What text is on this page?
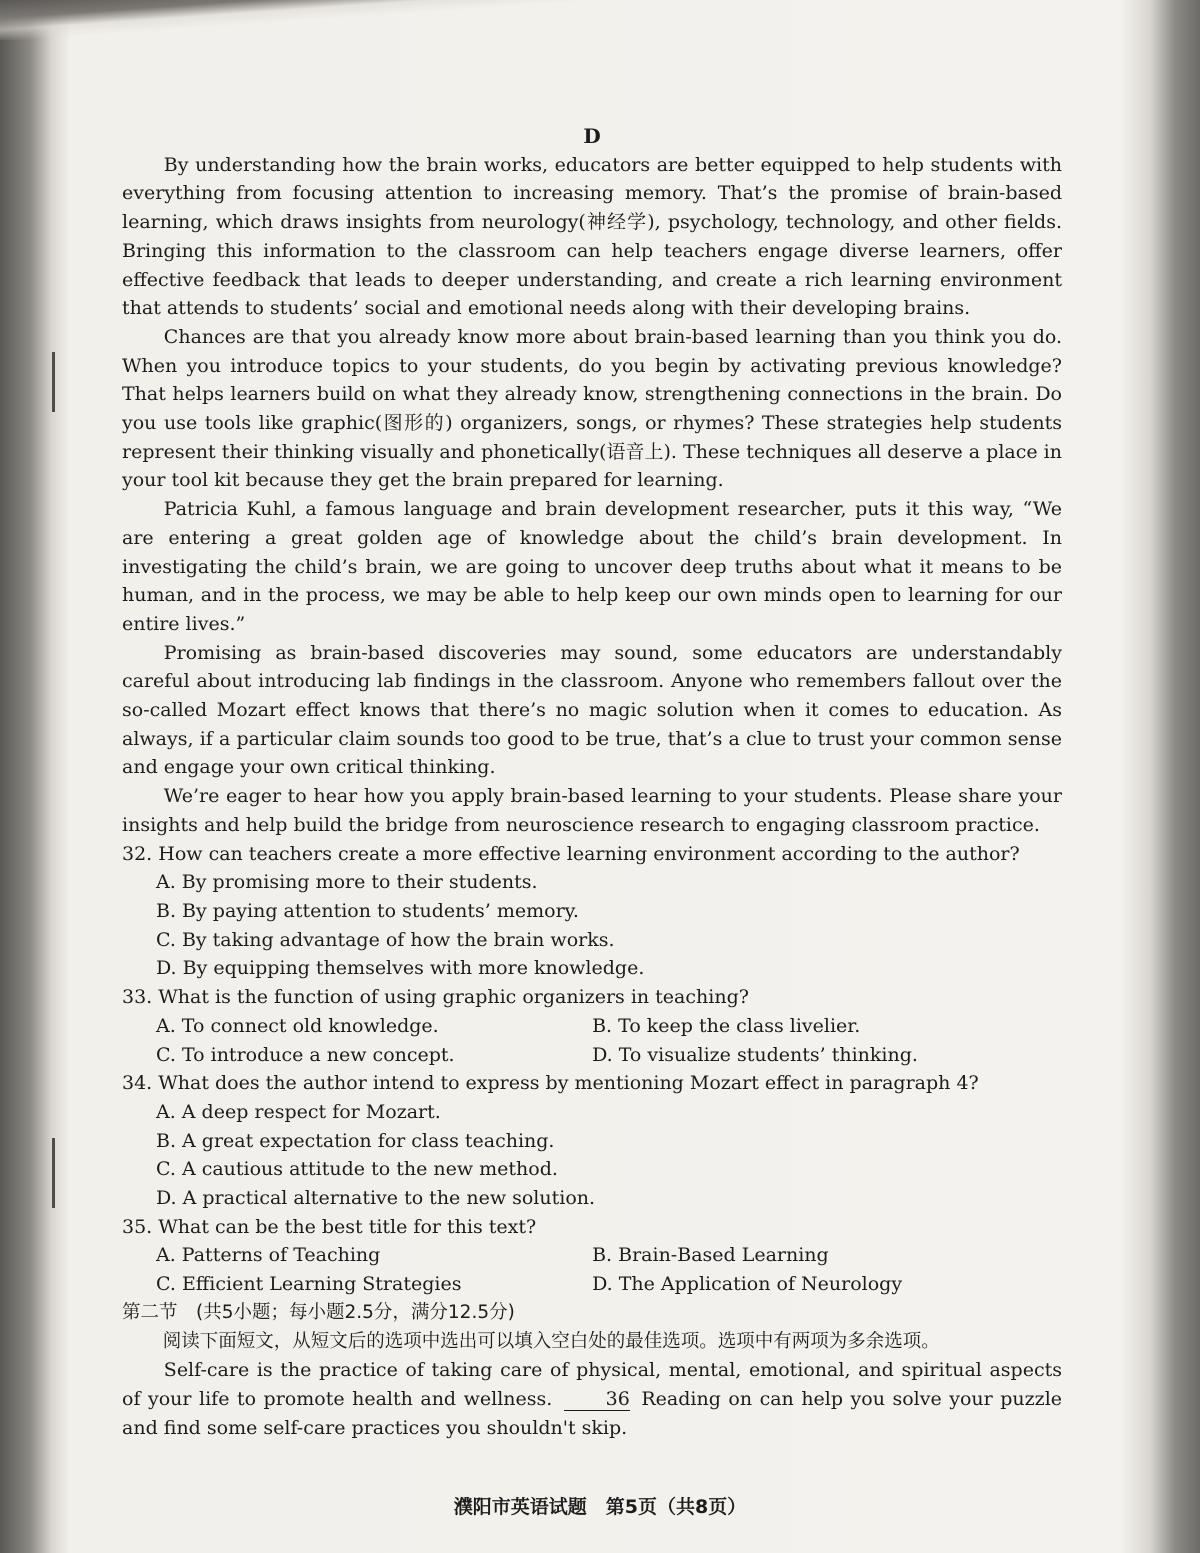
D

By understanding how the brain works, educators are better equipped to help students with everything from focusing attention to increasing memory. That’s the promise of brain-based learning, which draws insights from neurology(神经学), psychology, technology, and other fields. Bringing this information to the classroom can help teachers engage diverse learners, offer effective feedback that leads to deeper understanding, and create a rich learning environment that attends to students’ social and emotional needs along with their developing brains.

Chances are that you already know more about brain-based learning than you think you do. When you introduce topics to your students, do you begin by activating previous knowledge? That helps learners build on what they already know, strengthening connections in the brain. Do you use tools like graphic(图形的) organizers, songs, or rhymes? These strategies help students represent their thinking visually and phonetically(语音上). These techniques all deserve a place in your tool kit because they get the brain prepared for learning.

Patricia Kuhl, a famous language and brain development researcher, puts it this way, “We are entering a great golden age of knowledge about the child’s brain development. In investigating the child’s brain, we are going to uncover deep truths about what it means to be human, and in the process, we may be able to help keep our own minds open to learning for our entire lives.”

Promising as brain-based discoveries may sound, some educators are understandably careful about introducing lab findings in the classroom. Anyone who remembers fallout over the so-called Mozart effect knows that there’s no magic solution when it comes to education. As always, if a particular claim sounds too good to be true, that’s a clue to trust your common sense and engage your own critical thinking.

We’re eager to hear how you apply brain-based learning to your students. Please share your insights and help build the bridge from neuroscience research to engaging classroom practice.

32. How can teachers create a more effective learning environment according to the author?
A. By promising more to their students.
B. By paying attention to students’ memory.
C. By taking advantage of how the brain works.
D. By equipping themselves with more knowledge.
33. What is the function of using graphic organizers in teaching?
A. To connect old knowledge.	B. To keep the class livelier.
C. To introduce a new concept.	D. To visualize students’ thinking.
34. What does the author intend to express by mentioning Mozart effect in paragraph 4?
A. A deep respect for Mozart.
B. A great expectation for class teaching.
C. A cautious attitude to the new method.
D. A practical alternative to the new solution.
35. What can be the best title for this text?
A. Patterns of Teaching	B. Brain-Based Learning
C. Efficient Learning Strategies	D. The Application of Neurology
第二节　(共5小题；每小题2.5分，满分12.5分)

阅读下面短文，从短文后的选项中选出可以填入空白处的最佳选项。选项中有两项为多余选项。

Self-care is the practice of taking care of physical, mental, emotional, and spiritual aspects of your life to promote health and wellness.	36 Reading on can help you solve your puzzle and find some self-care practices you shouldn't skip.

濮阳市英语试题　第5页（共8页）
